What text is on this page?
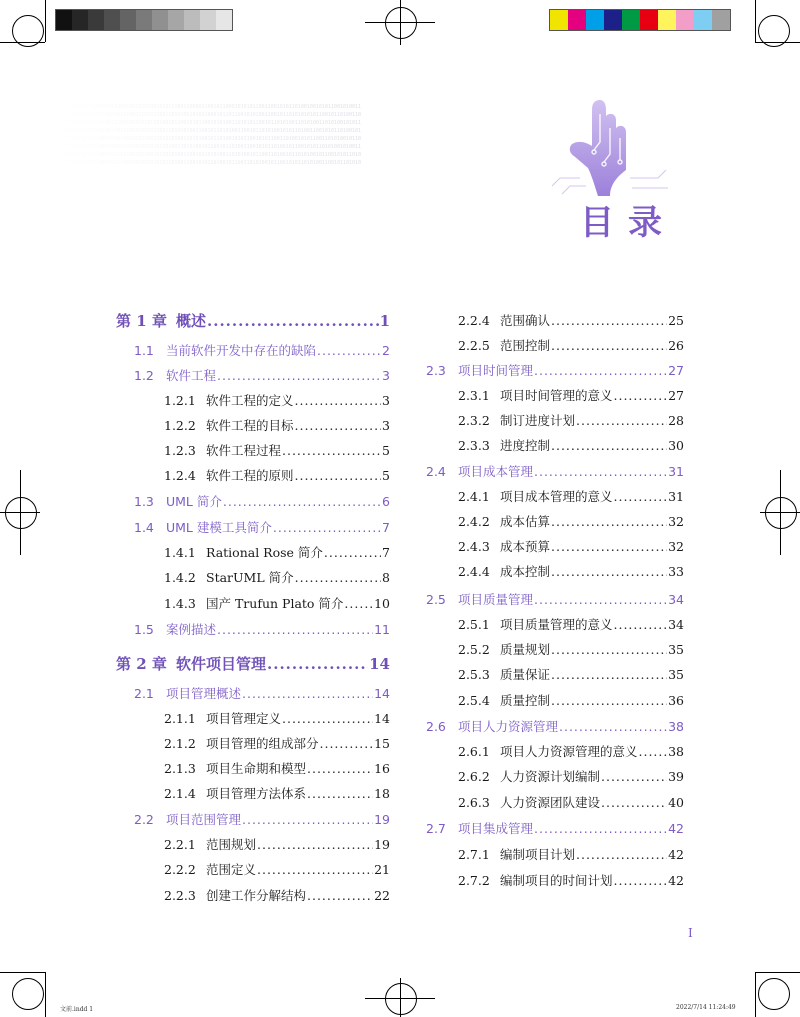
目录
第 1 章 概述 .....	1
1.1 当前软件开发中存在的缺陷 .....	2
1.2 软件工程 .....	3
1.2.1 软件工程的定义 .....	3
1.2.2 软件工程的目标 .....	3
1.2.3 软件工程过程 .....	5
1.2.4 软件工程的原则 .....	5
1.3 UML 简介 .....	6
1.4 UML 建模工具简介 .....	7
1.4.1 Rational Rose 简介 .....	7
1.4.2 StarUML 简介 .....	8
1.4.3 国产 Trufun Plato 简介 ..... 10
1.5 案例描述 .....	11
第 2 章 软件项目管理 .....	14
2.1 项目管理概述 .....	14
2.1.1 项目管理定义 .....	14
2.1.2 项目管理的组成部分 .....	15
2.1.3 项目生命期和模型 .....	16
2.1.4 项目管理方法体系 .....	18
2.2 项目范围管理 .....	19
2.2.1 范围规划 .....	19
2.2.2 范围定义 .....	21
2.2.3 创建工作分解结构 .....	22
2.2.4 范围确认 .....	25
2.2.5 范围控制 .....	26
2.3 项目时间管理 .....	27
2.3.1 项目时间管理的意义 .....	27
2.3.2 制订进度计划 .....	28
2.3.3 进度控制 .....	30
2.4 项目成本管理 .....	31
2.4.1 项目成本管理的意义 .....	31
2.4.2 成本估算 .....	32
2.4.3 成本预算 .....	32
2.4.4 成本控制 .....	33
2.5 项目质量管理 .....	34
2.5.1 项目质量管理的意义 .....	34
2.5.2 质量规划 .....	35
2.5.3 质量保证 .....	35
2.5.4 质量控制 .....	36
2.6 项目人力资源管理 .....	38
2.6.1 项目人力资源管理的意义 ..... 38
2.6.2 人力资源计划编制 .....	39
2.6.3 人力资源团队建设 .....	40
2.7 项目集成管理 .....	42
2.7.1 编制项目计划 .....	42
2.7.2 编制项目的时间计划 .....	42
I
文前.indd 1	2022/7/14 11:24:49
